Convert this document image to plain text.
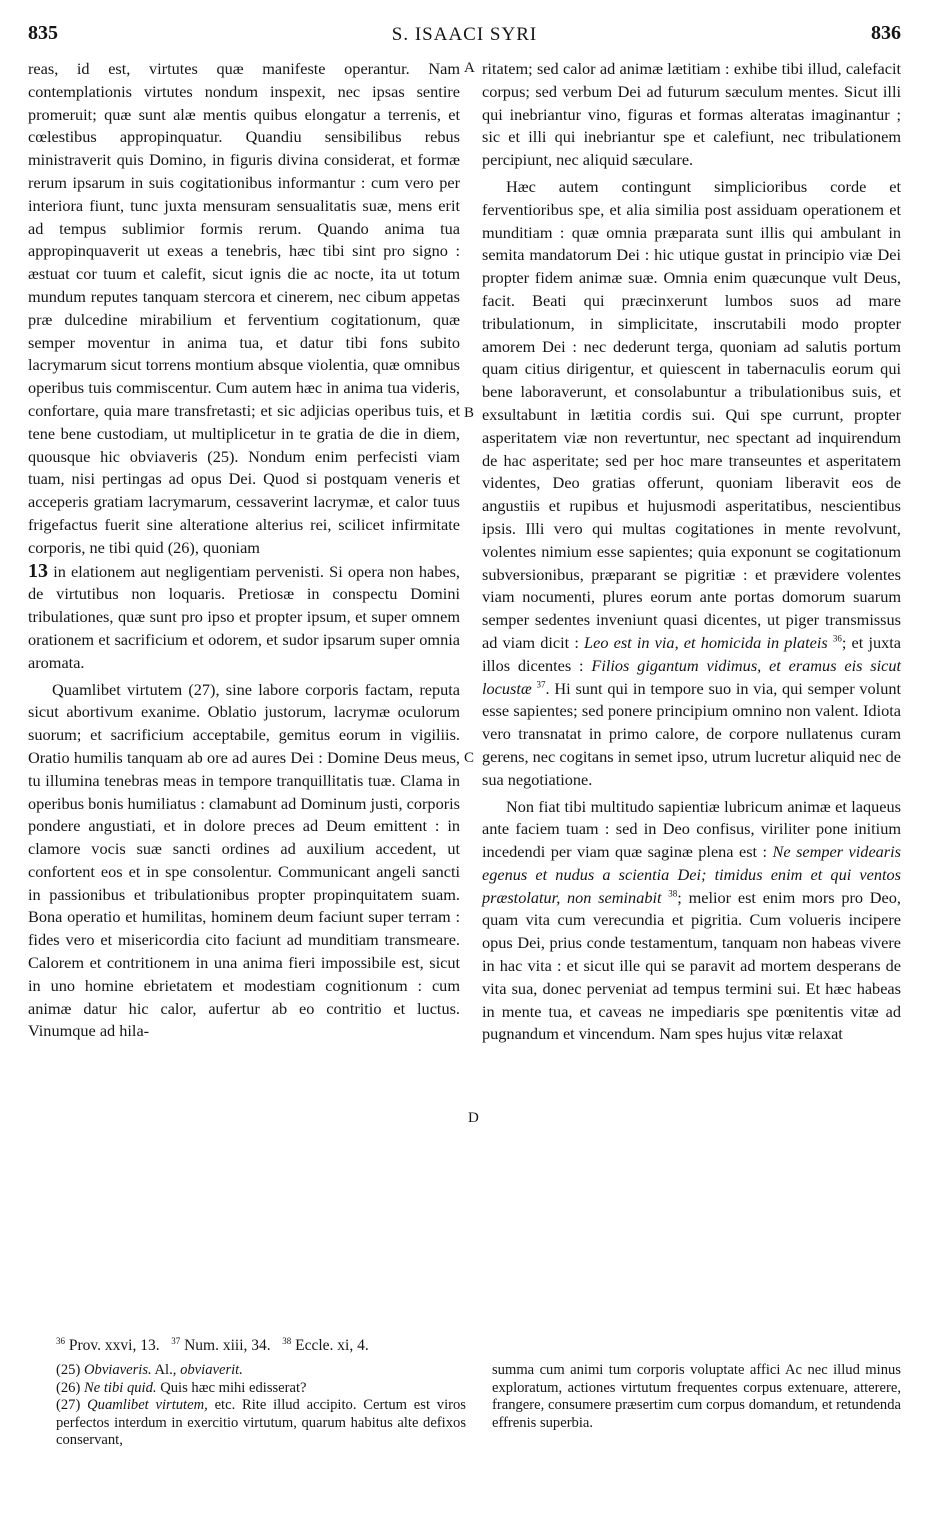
835	S. ISAACI SYRI	836
A
B
C
D

reas, id est, virtutes quæ manifeste operantur. Nam contemplationis virtutes nondum inspexit, nec ipsas sentire promeruit; quæ sunt alæ mentis quibus elongatur a terrenis, et cœlestibus appropinquatur. Quandiu sensibilibus rebus ministraverit quis Domino, in figuris divina considerat, et formæ rerum ipsarum in suis cogitationibus informantur : cum vero per interiora fiunt, tunc juxta mensuram sensualitatis suæ, mens erit ad tempus sublimior formis rerum. Quando anima tua appropinquaverit ut exeas a tenebris, hæc tibi sint pro signo : æstuat cor tuum et calefit, sicut ignis die ac nocte, ita ut totum mundum reputes tanquam stercora et cinerem, nec cibum appetas præ dulcedine mirabilium et ferventium cogitationum, quæ semper moventur in anima tua, et datur tibi fons subito lacrymarum sicut torrens montium absque violentia, quæ omnibus operibus tuis commiscentur. Cum autem hæc in anima tua videris, confortare, quia mare transfretasti; et sic adjicias operibus tuis, et tene bene custodiam, ut multiplicetur in te gratia de die in diem, quousque hic obviaveris (25). Nondum enim perfecisti viam tuam, nisi pertingas ad opus Dei. Quod si postquam veneris et acceperis gratiam lacrymarum, cessaverint lacrymæ, et calor tuus frigefactus fuerit sine alteratione alterius rei, scilicet infirmitate corporis, ne tibi quid (26), quoniam
13 in elationem aut negligentiam pervenisti. Si opera non habes, de virtutibus non loquaris. Pretiosæ in conspectu Domini tribulationes, quæ sunt pro ipso et propter ipsum, et super omnem orationem et sacrificium et odorem, et sudor ipsarum super omnia aromata.

Quamlibet virtutem (27), sine labore corporis factam, reputa sicut abortivum exanime. Oblatio justorum, lacrymæ oculorum suorum; et sacrificium acceptabile, gemitus eorum in vigiliis. Oratio humilis tanquam ab ore ad aures Dei : Domine Deus meus, tu illumina tenebras meas in tempore tranquillitatis tuæ. Clama in operibus bonis humiliatus : clamabunt ad Dominum justi, corporis pondere angustiati, et in dolore preces ad Deum emittent : in clamore vocis suæ sancti ordines ad auxilium accedent, ut confortent eos et in spe consolentur. Communicant angeli sancti in passionibus et tribulationibus propter propinquitatem suam. Bona operatio et humilitas, hominem deum faciunt super terram : fides vero et misericordia cito faciunt ad munditiam transmeare. Calorem et contritionem in una anima fieri impossibile est, sicut in uno homine ebrietatem et modestiam cognitionum : cum animæ datur hic calor, aufertur ab eo contritio et luctus. Vinumque ad hila-

ritatem; sed calor ad animæ lætitiam : exhibe tibi illud, calefacit corpus; sed verbum Dei ad futurum sæculum mentes. Sicut illi qui inebriantur vino, figuras et formas alteratas imaginantur ; sic et illi qui inebriantur spe et calefiunt, nec tribulationem percipiunt, nec aliquid sæculare.

Hæc autem contingunt simplicioribus corde et ferventioribus spe, et alia similia post assiduam operationem et munditiam : quæ omnia præparata sunt illis qui ambulant in semita mandatorum Dei : hic utique gustat in principio viæ Dei propter fidem animæ suæ. Omnia enim quæcunque vult Deus, facit. Beati qui præcinxerunt lumbos suos ad mare tribulationum, in simplicitate, inscrutabili modo propter amorem Dei : nec dederunt terga, quoniam ad salutis portum quam citius dirigentur, et quiescent in tabernaculis eorum qui bene laboraverunt, et consolabuntur a tribulationibus suis, et exsultabunt in lætitia cordis sui. Qui spe currunt, propter asperitatem viæ non revertuntur, nec spectant ad inquirendum de hac asperitate; sed per hoc mare transeuntes et asperitatem videntes, Deo gratias offerunt, quoniam liberavit eos de angustiis et rupibus et hujusmodi asperitatibus, nescientibus ipsis. Illi vero qui multas cogitationes in mente revolvunt, volentes nimium esse sapientes; quia exponunt se cogitationum subversionibus, præparant se pigritiæ : et prævidere volentes viam nocumenti, plures eorum ante portas domorum suarum semper sedentes inveniunt quasi dicentes, ut piger transmissus ad viam dicit : Leo est in via, et homicida in plateis $^{36}$; et juxta illos dicentes : Filios gigantum vidimus, et eramus eis sicut locustæ $^{37}$. Hi sunt qui in tempore suo in via, qui semper volunt esse sapientes; sed ponere principium omnino non valent. Idiota vero transnatat in primo calore, de corpore nullatenus curam gerens, nec cogitans in semet ipso, utrum lucretur aliquid nec de sua negotiatione.

Non fiat tibi multitudo sapientiæ lubricum animæ et laqueus ante faciem tuam : sed in Deo confisus, viriliter pone initium incedendi per viam quæ saginæ plena est : Ne semper videaris egenus et nudus a scientia Dei; timidus enim et qui ventos præstolatur, non seminabit $^{38}$; melior est enim mors pro Deo, quam vita cum verecundia et pigritia. Cum volueris incipere opus Dei, prius conde testamentum, tanquam non habeas vivere in hac vita : et sicut ille qui se paravit ad mortem desperans de vita sua, donec perveniat ad tempus termini sui. Et hæc habeas in mente tua, et caveas ne impediaris spe pœnitentis vitæ ad pugnandum et vincendum. Nam spes hujus vitæ relaxat

$^{36}$ Prov. xxvi, 13. $^{37}$ Num. xiii, 34. $^{38}$ Eccle. xi, 4.

(25) Obviaveris. Al., obviaverit.

(26) Ne tibi quid. Quis hæc mihi edisserat?

(27) Quamlibet virtutem, etc. Rite illud accipito. Certum est viros perfectos interdum in exercitio virtutum, quarum habitus alte defixos conservant,

summa cum animi tum corporis voluptate affici Ac nec illud minus exploratum, actiones virtutum frequentes corpus extenuare, atterere, frangere, consumere præsertim cum corpus domandum, et retundenda effrenis superbia.
